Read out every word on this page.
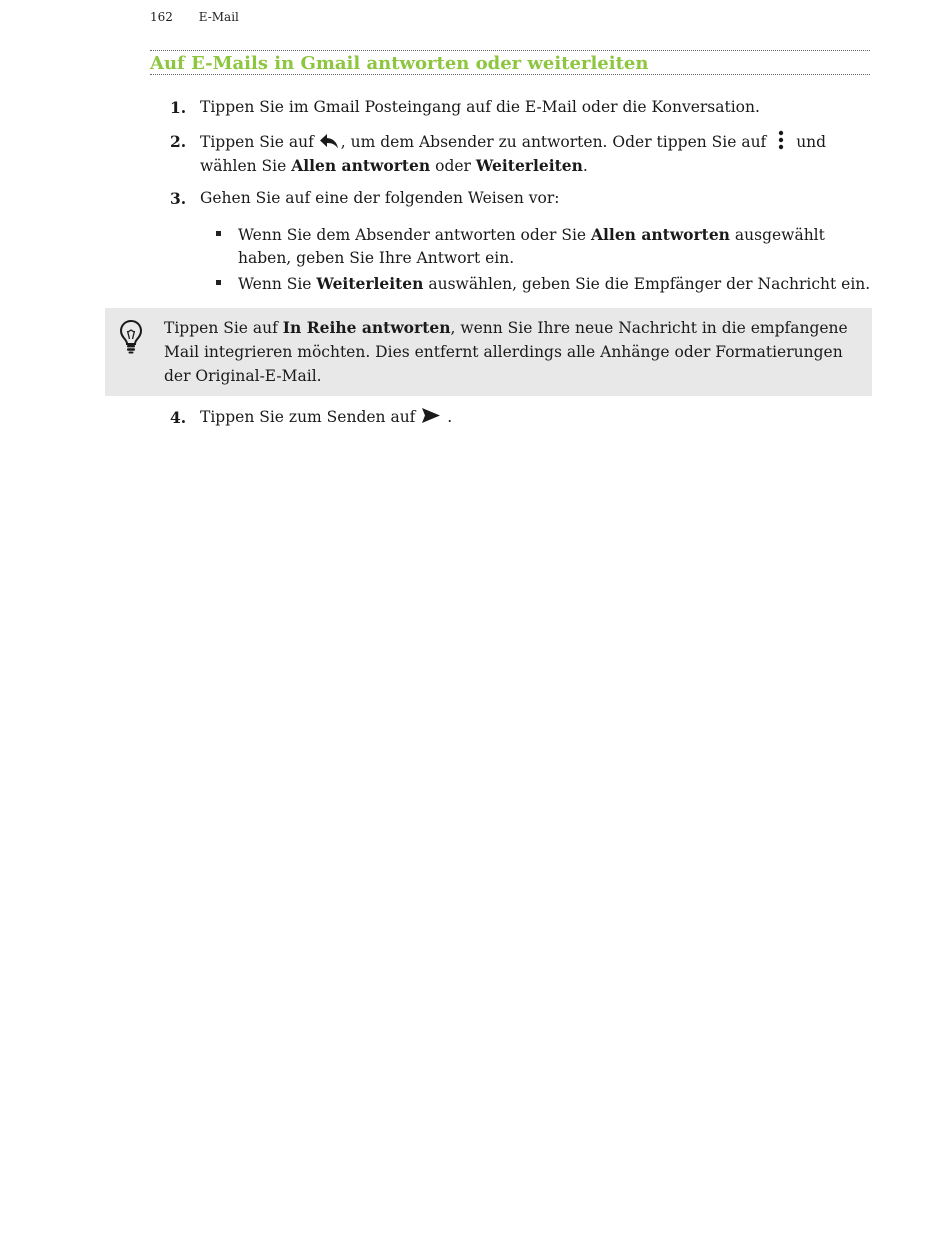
162 E-Mail
Auf E-Mails in Gmail antworten oder weiterleiten
1. Tippen Sie im Gmail Posteingang auf die E-Mail oder die Konversation.
2. Tippen Sie auf , um dem Absender zu antworten. Oder tippen Sie auf und wählen Sie Allen antworten oder Weiterleiten.
3. Gehen Sie auf eine der folgenden Weisen vor:
Wenn Sie dem Absender antworten oder Sie Allen antworten ausgewählt haben, geben Sie Ihre Antwort ein.
Wenn Sie Weiterleiten auswählen, geben Sie die Empfänger der Nachricht ein.
Tippen Sie auf In Reihe antworten, wenn Sie Ihre neue Nachricht in die empfangene Mail integrieren möchten. Dies entfernt allerdings alle Anhänge oder Formatierungen der Original-E-Mail.
4. Tippen Sie zum Senden auf .
